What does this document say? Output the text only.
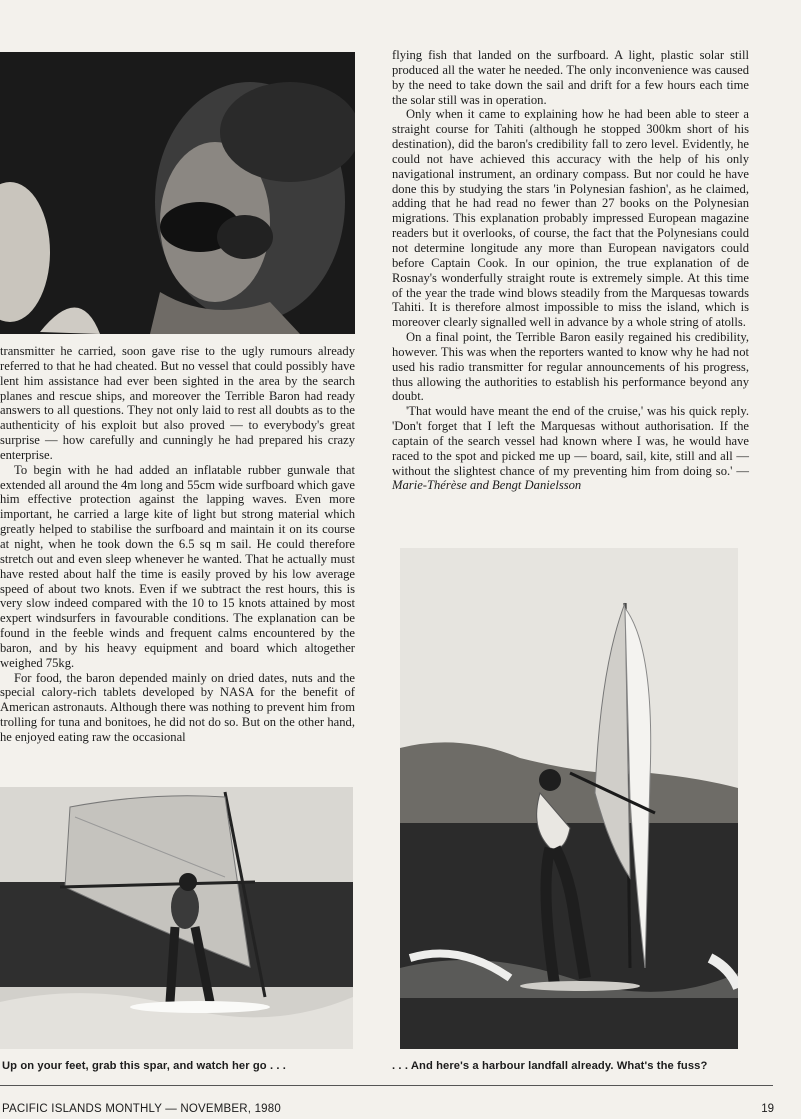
transmitter he carried, soon gave rise to the ugly rumours already referred to that he had cheated. But no vessel that could possibly have lent him assistance had ever been sighted in the area by the search planes and rescue ships, and moreover the Terrible Baron had ready answers to all questions. They not only laid to rest all doubts as to the authenticity of his exploit but also proved — to everybody's great surprise — how carefully and cunningly he had prepared his crazy enterprise.

To begin with he had added an inflatable rubber gunwale that extended all around the 4m long and 55cm wide surfboard which gave him effective protection against the lapping waves. Even more important, he carried a large kite of light but strong material which greatly helped to stabilise the surfboard and maintain it on its course at night, when he took down the 6.5 sq m sail. He could therefore stretch out and even sleep whenever he wanted. That he actually must have rested about half the time is easily proved by his low average speed of about two knots. Even if we subtract the rest hours, this is very slow indeed compared with the 10 to 15 knots attained by most expert windsurfers in favourable conditions. The explanation can be found in the feeble winds and frequent calms encountered by the baron, and by his heavy equipment and board which altogether weighed 75kg.

For food, the baron depended mainly on dried dates, nuts and the special calory-rich tablets developed by NASA for the benefit of American astronauts. Although there was nothing to prevent him from trolling for tuna and bonitoes, he did not do so. But on the other hand, he enjoyed eating raw the occasional

flying fish that landed on the surfboard. A light, plastic solar still produced all the water he needed. The only inconvenience was caused by the need to take down the sail and drift for a few hours each time the solar still was in operation.

Only when it came to explaining how he had been able to steer a straight course for Tahiti (although he stopped 300km short of his destination), did the baron's credibility fall to zero level. Evidently, he could not have achieved this accuracy with the help of his only navigational instrument, an ordinary compass. But nor could he have done this by studying the stars 'in Polynesian fashion', as he claimed, adding that he had read no fewer than 27 books on the Polynesian migrations. This explanation probably impressed European magazine readers but it overlooks, of course, the fact that the Polynesians could not determine longitude any more than European navigators could before Captain Cook. In our opinion, the true explanation of de Rosnay's wonderfully straight route is extremely simple. At this time of the year the trade wind blows steadily from the Marquesas towards Tahiti. It is therefore almost impossible to miss the island, which is moreover clearly signalled well in advance by a whole string of atolls.

On a final point, the Terrible Baron easily regained his credibility, however. This was when the reporters wanted to know why he had not used his radio transmitter for regular announcements of his progress, thus allowing the authorities to establish his performance beyond any doubt.

'That would have meant the end of the cruise,' was his quick reply. 'Don't forget that I left the Marquesas without authorisation. If the captain of the search vessel had known where I was, he would have raced to the spot and picked me up — board, sail, kite, still and all — without the slightest chance of my preventing him from doing so.' — Marie-Thérèse and Bengt Danielsson

Up on your feet, grab this spar, and watch her go . . .	. . . And here's a harbour landfall already. What's the fuss?
PACIFIC ISLANDS MONTHLY — NOVEMBER, 1980	19
